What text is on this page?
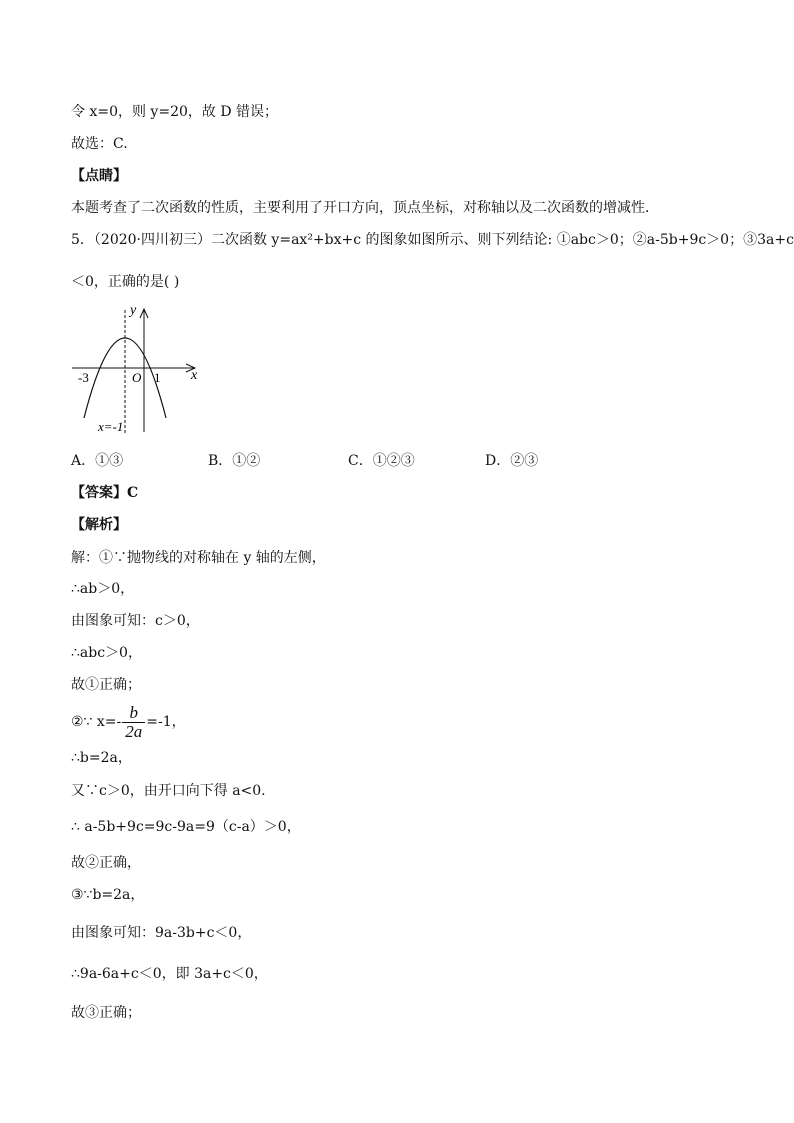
令 x=0，则 y=20，故 D 错误；
故选：C.
【点睛】
本题考查了二次函数的性质，主要利用了开口方向，顶点坐标，对称轴以及二次函数的增减性．
5．（2020·四川初三）二次函数 y=ax²+bx+c 的图象如图所示、则下列结论: ①abc＞0；②a-5b+9c＞0；③3a+c
＜0，正确的是( )
y
x
O
-3	1
x=-1
A．①③	B．①②	C．①②③	D．②③
【答案】C
【解析】
解：①∵抛物线的对称轴在 y 轴的左侧，
∴ab＞0，
由图象可知：c＞0，
∴abc＞0，
故①正确；
②∵ $x=- \frac{b}{2a} =-1$，
∴b=2a，
又∵c＞0，由开口向下得 a<0.
∴ a-5b+9c=9c-9a=9（c-a）＞0，
故②正确，
③∵b=2a，
由图象可知：9a-3b+c＜0，
∴9a-6a+c＜0，即 3a+c＜0，
故③正确；
